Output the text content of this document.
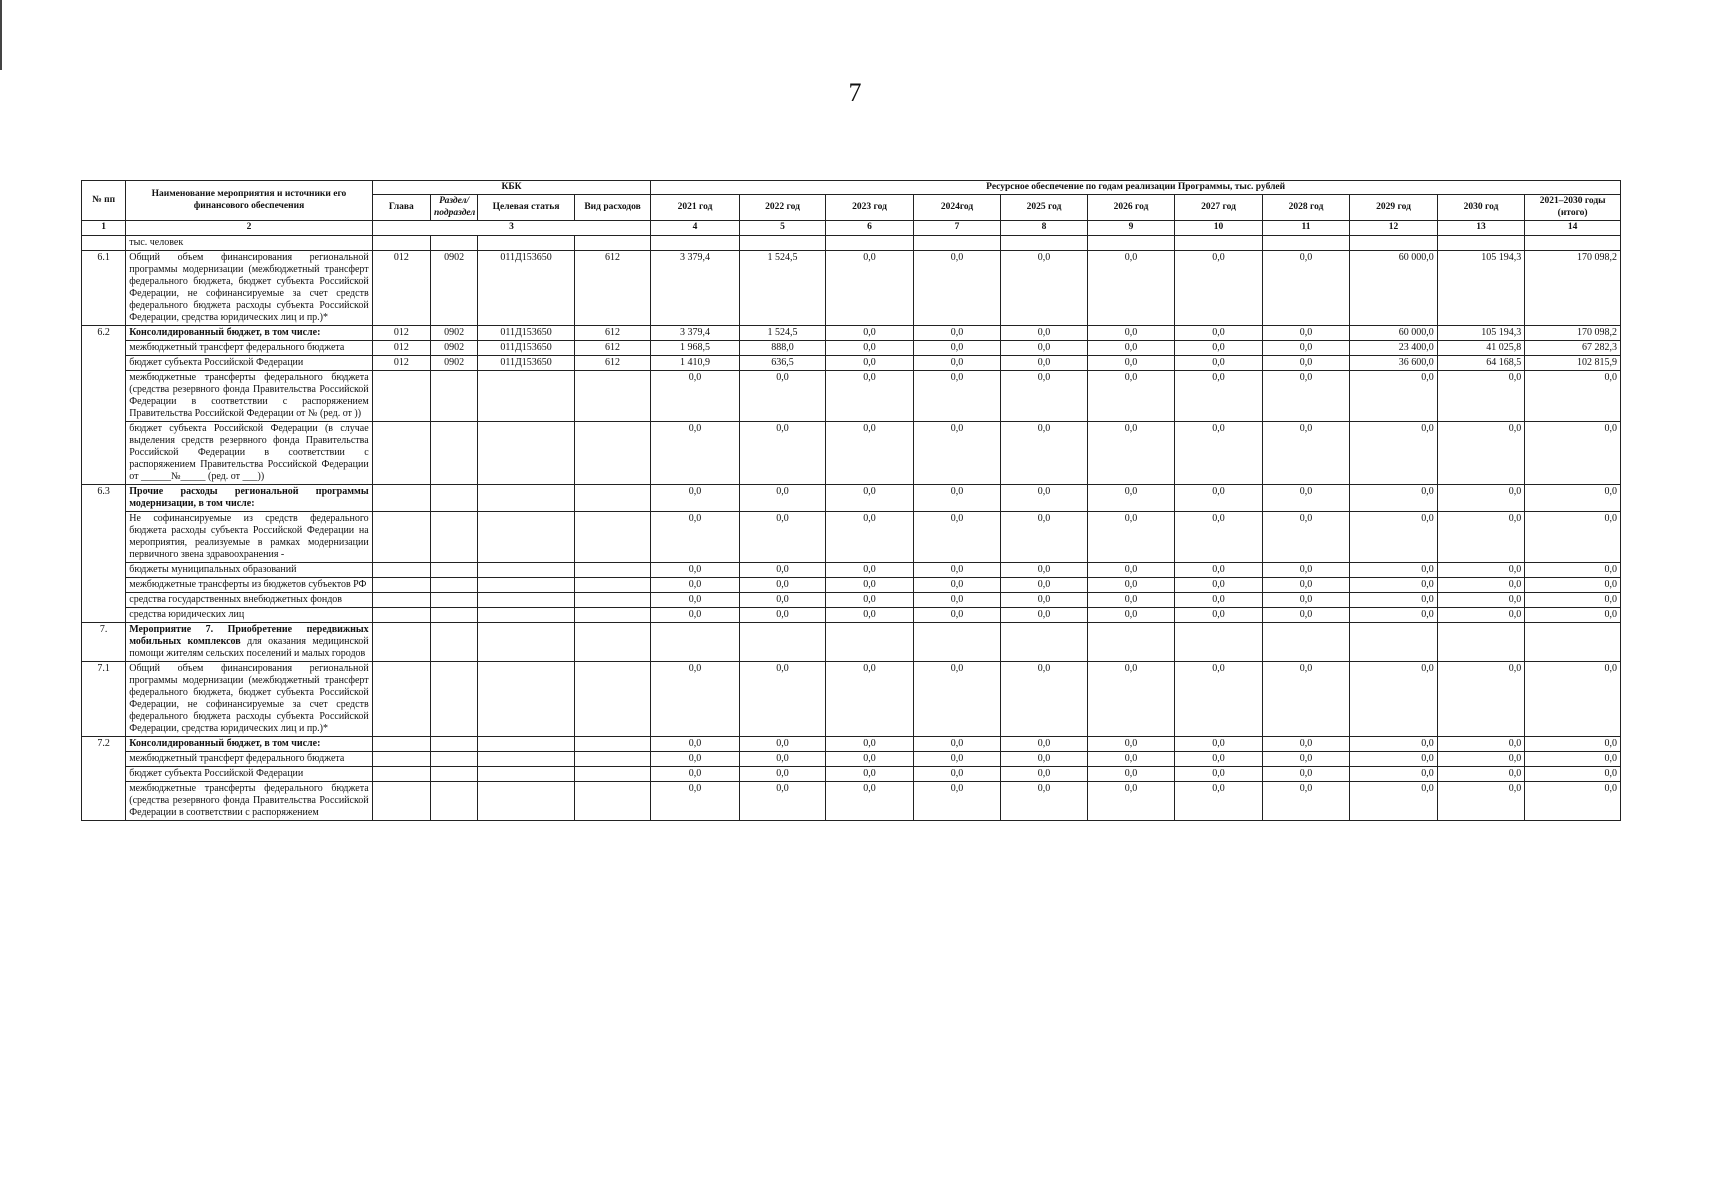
7
№ пп	Наименование мероприятия и источники его финансового обеспечения	КБК				Ресурсное обеспечение по годам реализации Программы, тыс. рублей										
		Глава	Раздел/ подраздел	Целевая статья	Вид расходов	2021 год	2022 год	2023 год	2024год	2025 год	2026 год	2027 год	2028 год	2029 год	2030 год	2021–2030 годы (итого)
1	2	3				4	5	6	7	8	9	10	11	12	13	14
	тыс. человек															
6.1	Общий объем финансирования региональной программы модернизации (межбюджетный трансферт федерального бюджета, бюджет субъекта Российской Федерации, не софинансируемые за счет средств федерального бюджета расходы субъекта Российской Федерации, средства юридических лиц и пр.)*	012	0902	011Д153650	612	3 379,4	1 524,5	0,0	0,0	0,0	0,0	0,0	0,0	60 000,0	105 194,3	170 098,2
6.2	Консолидированный бюджет, в том числе:	012	0902	011Д153650	612	3 379,4	1 524,5	0,0	0,0	0,0	0,0	0,0	0,0	60 000,0	105 194,3	170 098,2
	межбюджетный трансферт федерального бюджета	012	0902	011Д153650	612	1 968,5	888,0	0,0	0,0	0,0	0,0	0,0	0,0	23 400,0	41 025,8	67 282,3
	бюджет субъекта Российской Федерации	012	0902	011Д153650	612	1 410,9	636,5	0,0	0,0	0,0	0,0	0,0	0,0	36 600,0	64 168,5	102 815,9
	межбюджетные трансферты федерального бюджета (средства резервного фонда Правительства Российской Федерации в соответствии с распоряжением Правительства Российской Федерации от № (ред. от ))					0,0	0,0	0,0	0,0	0,0	0,0	0,0	0,0	0,0	0,0	0,0
	бюджет субъекта Российской Федерации (в случае выделения средств резервного фонда Правительства Российской Федерации в соответствии с распоряжением Правительства Российской Федерации от ______№_____ (ред. от ___))					0,0	0,0	0,0	0,0	0,0	0,0	0,0	0,0	0,0	0,0	0,0
6.3	Прочие расходы региональной программы модернизации, в том числе:					0,0	0,0	0,0	0,0	0,0	0,0	0,0	0,0	0,0	0,0	0,0
	Не софинансируемые из средств федерального бюджета расходы субъекта Российской Федерации на мероприятия, реализуемые в рамках модернизации первичного звена здравоохранения -					0,0	0,0	0,0	0,0	0,0	0,0	0,0	0,0	0,0	0,0	0,0
	бюджеты муниципальных образований					0,0	0,0	0,0	0,0	0,0	0,0	0,0	0,0	0,0	0,0	0,0
	межбюджетные трансферты из бюджетов субъектов РФ					0,0	0,0	0,0	0,0	0,0	0,0	0,0	0,0	0,0	0,0	0,0
	средства государственных внебюджетных фондов					0,0	0,0	0,0	0,0	0,0	0,0	0,0	0,0	0,0	0,0	0,0
	средства юридических лиц					0,0	0,0	0,0	0,0	0,0	0,0	0,0	0,0	0,0	0,0	0,0
7.	Мероприятие 7. Приобретение передвижных мобильных комплексов для оказания медицинской помощи жителям сельских поселений и малых городов															
7.1	Общий объем финансирования региональной программы модернизации (межбюджетный трансферт федерального бюджета, бюджет субъекта Российской Федерации, не софинансируемые за счет средств федерального бюджета расходы субъекта Российской Федерации, средства юридических лиц и пр.)*					0,0	0,0	0,0	0,0	0,0	0,0	0,0	0,0	0,0	0,0	0,0
7.2	Консолидированный бюджет, в том числе:					0,0	0,0	0,0	0,0	0,0	0,0	0,0	0,0	0,0	0,0	0,0
	межбюджетный трансферт федерального бюджета					0,0	0,0	0,0	0,0	0,0	0,0	0,0	0,0	0,0	0,0	0,0
	бюджет субъекта Российской Федерации					0,0	0,0	0,0	0,0	0,0	0,0	0,0	0,0	0,0	0,0	0,0
	межбюджетные трансферты федерального бюджета (средства резервного фонда Правительства Российской Федерации в соответствии с распоряжением					0,0	0,0	0,0	0,0	0,0	0,0	0,0	0,0	0,0	0,0	0,0
